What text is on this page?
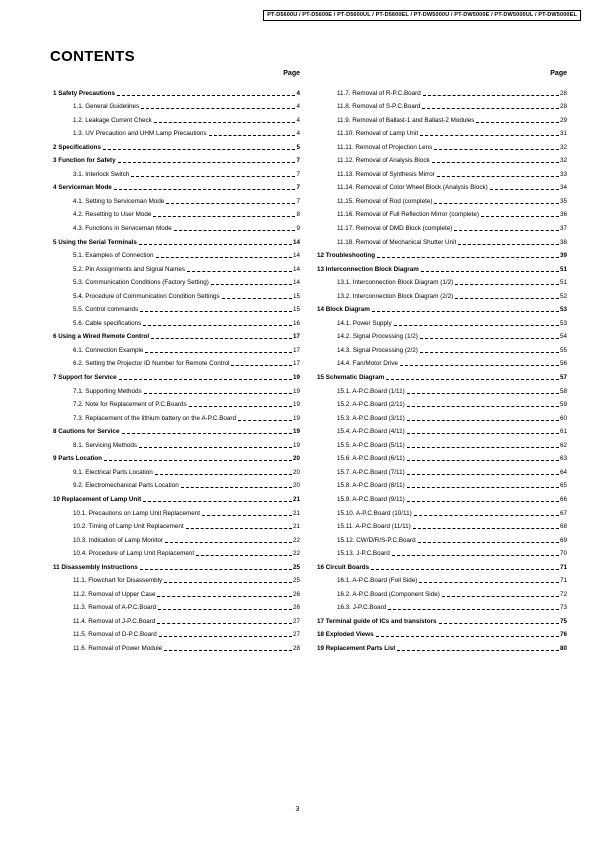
PT-D5600U / PT-D5600E / PT-D5600UL / PT-D5600EL / PT-DW5000U / PT-DW5000E / PT-DW5000UL / PT-DW5000EL
CONTENTS
Page
1 Safety Precautions	4
1.1. General Guidelines	4
1.2. Leakage Current Check	4
1.3. UV Precaution and UHM Lamp Precautions	4
2 Specifications	5
3 Function for Safety	7
3.1. Interlock Switch	7
4 Serviceman Mode	7
4.1. Setting to Serviceman Mode	7
4.2. Resetting to User Mode	8
4.3. Functions in Serviceman Mode	9
5 Using the Serial Terminals	14
5.1. Examples of Connection	14
5.2. Pin Assignments and Signal Names	14
5.3. Communication Conditions (Factory Setting)	14
5.4. Procedure of Communication Condition Settings	15
5.5. Control commands	15
5.6. Cable specifications	16
6 Using a Wired Remote Control	17
6.1. Connection Example	17
6.2. Setting the Projector ID Number for Remote Control	17
7 Support for Service	19
7.1. Supporting Methods	19
7.2. Note for Replacement of P.C.Boards	19
7.3. Replacement of the lithium battery on the A-P.C.Board	19
8 Cautions for Service	19
8.1. Servicing Methods	19
9 Parts Location	20
9.1. Electrical Parts Location	20
9.2. Electromechanical Parts Location	20
10 Replacement of Lamp Unit	21
10.1. Precautions on Lamp Unit Replacement	21
10.2. Timing of Lamp Unit Replacement	21
10.3. Indication of Lamp Monitor	22
10.4. Procedure of Lamp Unit Replacement	22
11 Disassembly Instructions	25
11.1. Flowchart for Disassembly	25
11.2. Removal of Upper Case	26
11.3. Removal of A-P.C.Board	26
11.4. Removal of J-P.C.Board	27
11.5. Removal of D-P.C.Board	27
11.6. Removal of Power Module	28
Page
11.7. Removal of R-P.C.Board	28
11.8. Removal of S-P.C.Board	28
11.9. Removal of Ballast-1 and Ballast-2 Modules	29
11.10. Removal of Lamp Unit	31
11.11. Removal of Projection Lens	32
11.12. Removal of Analysis Block	32
11.13. Removal of Synthesis Mirror	33
11.14. Removal of Color Wheel Block (Analysis Block)	34
11.15. Removal of Rod (complete)	35
11.16. Removal of Full Reflection Mirror (complete)	36
11.17. Removal of DMD Block (complete)	37
11.18. Removal of Mechanical Shutter Unit	38
12 Troubleshooting	39
13 Interconnection Block Diagram	51
13.1. Interconnection Block Diagram (1/2)	51
13.2. Interconnection Block Diagram (2/2)	52
14 Block Diagram	53
14.1. Power Supply	53
14.2. Signal Processing (1/2)	54
14.3. Signal Processing (2/2)	55
14.4. Fan/Motor Drive	56
15 Schematic Diagram	57
15.1. A-P.C.Board (1/11)	58
15.2. A-P.C.Board (2/11)	59
15.3. A-P.C.Board (3/11)	60
15.4. A-P.C.Board (4/11)	61
15.5. A-P.C.Board (5/11)	62
15.6. A-P.C.Board (6/11)	63
15.7. A-P.C.Board (7/11)	64
15.8. A-P.C.Board (8/11)	65
15.9. A-P.C.Board (9/11)	66
15.10. A-P.C.Board (10/11)	67
15.11. A-P.C.Board (11/11)	68
15.12. CW/D/R/S-P.C.Board	69
15.13. J-P.C.Board	70
16 Circuit Boards	71
16.1. A-P.C.Board (Foil Side)	71
16.2. A-P.C.Board (Component Side)	72
16.3. J-P.C.Board	73
17 Terminal guide of ICs and transistors	75
18 Exploded Views	76
19 Replacement Parts List	80
3
